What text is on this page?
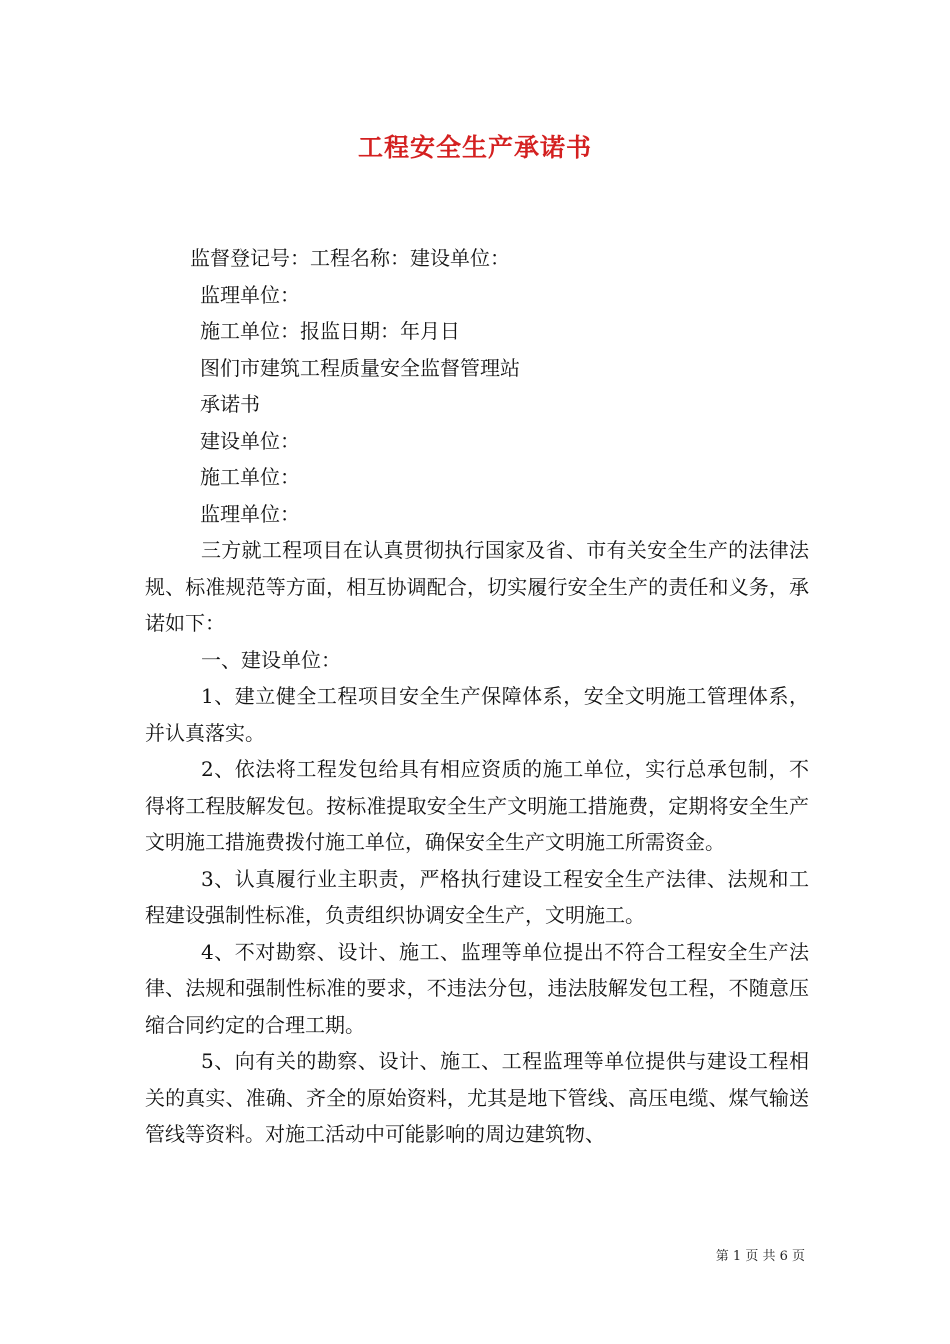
工程安全生产承诺书
监督登记号：工程名称：建设单位：
监理单位：
施工单位：报监日期：年月日
图们市建筑工程质量安全监督管理站
承诺书
建设单位：
施工单位：
监理单位：
三方就工程项目在认真贯彻执行国家及省、市有关安全生产的法律法规、标准规范等方面，相互协调配合，切实履行安全生产的责任和义务，承诺如下：
一、建设单位：
1、建立健全工程项目安全生产保障体系，安全文明施工管理体系，并认真落实。
2、依法将工程发包给具有相应资质的施工单位，实行总承包制，不得将工程肢解发包。按标准提取安全生产文明施工措施费，定期将安全生产文明施工措施费拨付施工单位，确保安全生产文明施工所需资金。
3、认真履行业主职责，严格执行建设工程安全生产法律、法规和工程建设强制性标准，负责组织协调安全生产，文明施工。
4、不对勘察、设计、施工、监理等单位提出不符合工程安全生产法律、法规和强制性标准的要求，不违法分包，违法肢解发包工程，不随意压缩合同约定的合理工期。
5、向有关的勘察、设计、施工、工程监理等单位提供与建设工程相关的真实、准确、齐全的原始资料，尤其是地下管线、高压电缆、煤气输送管线等资料。对施工活动中可能影响的周边建筑物、
第 1 页 共 6 页
